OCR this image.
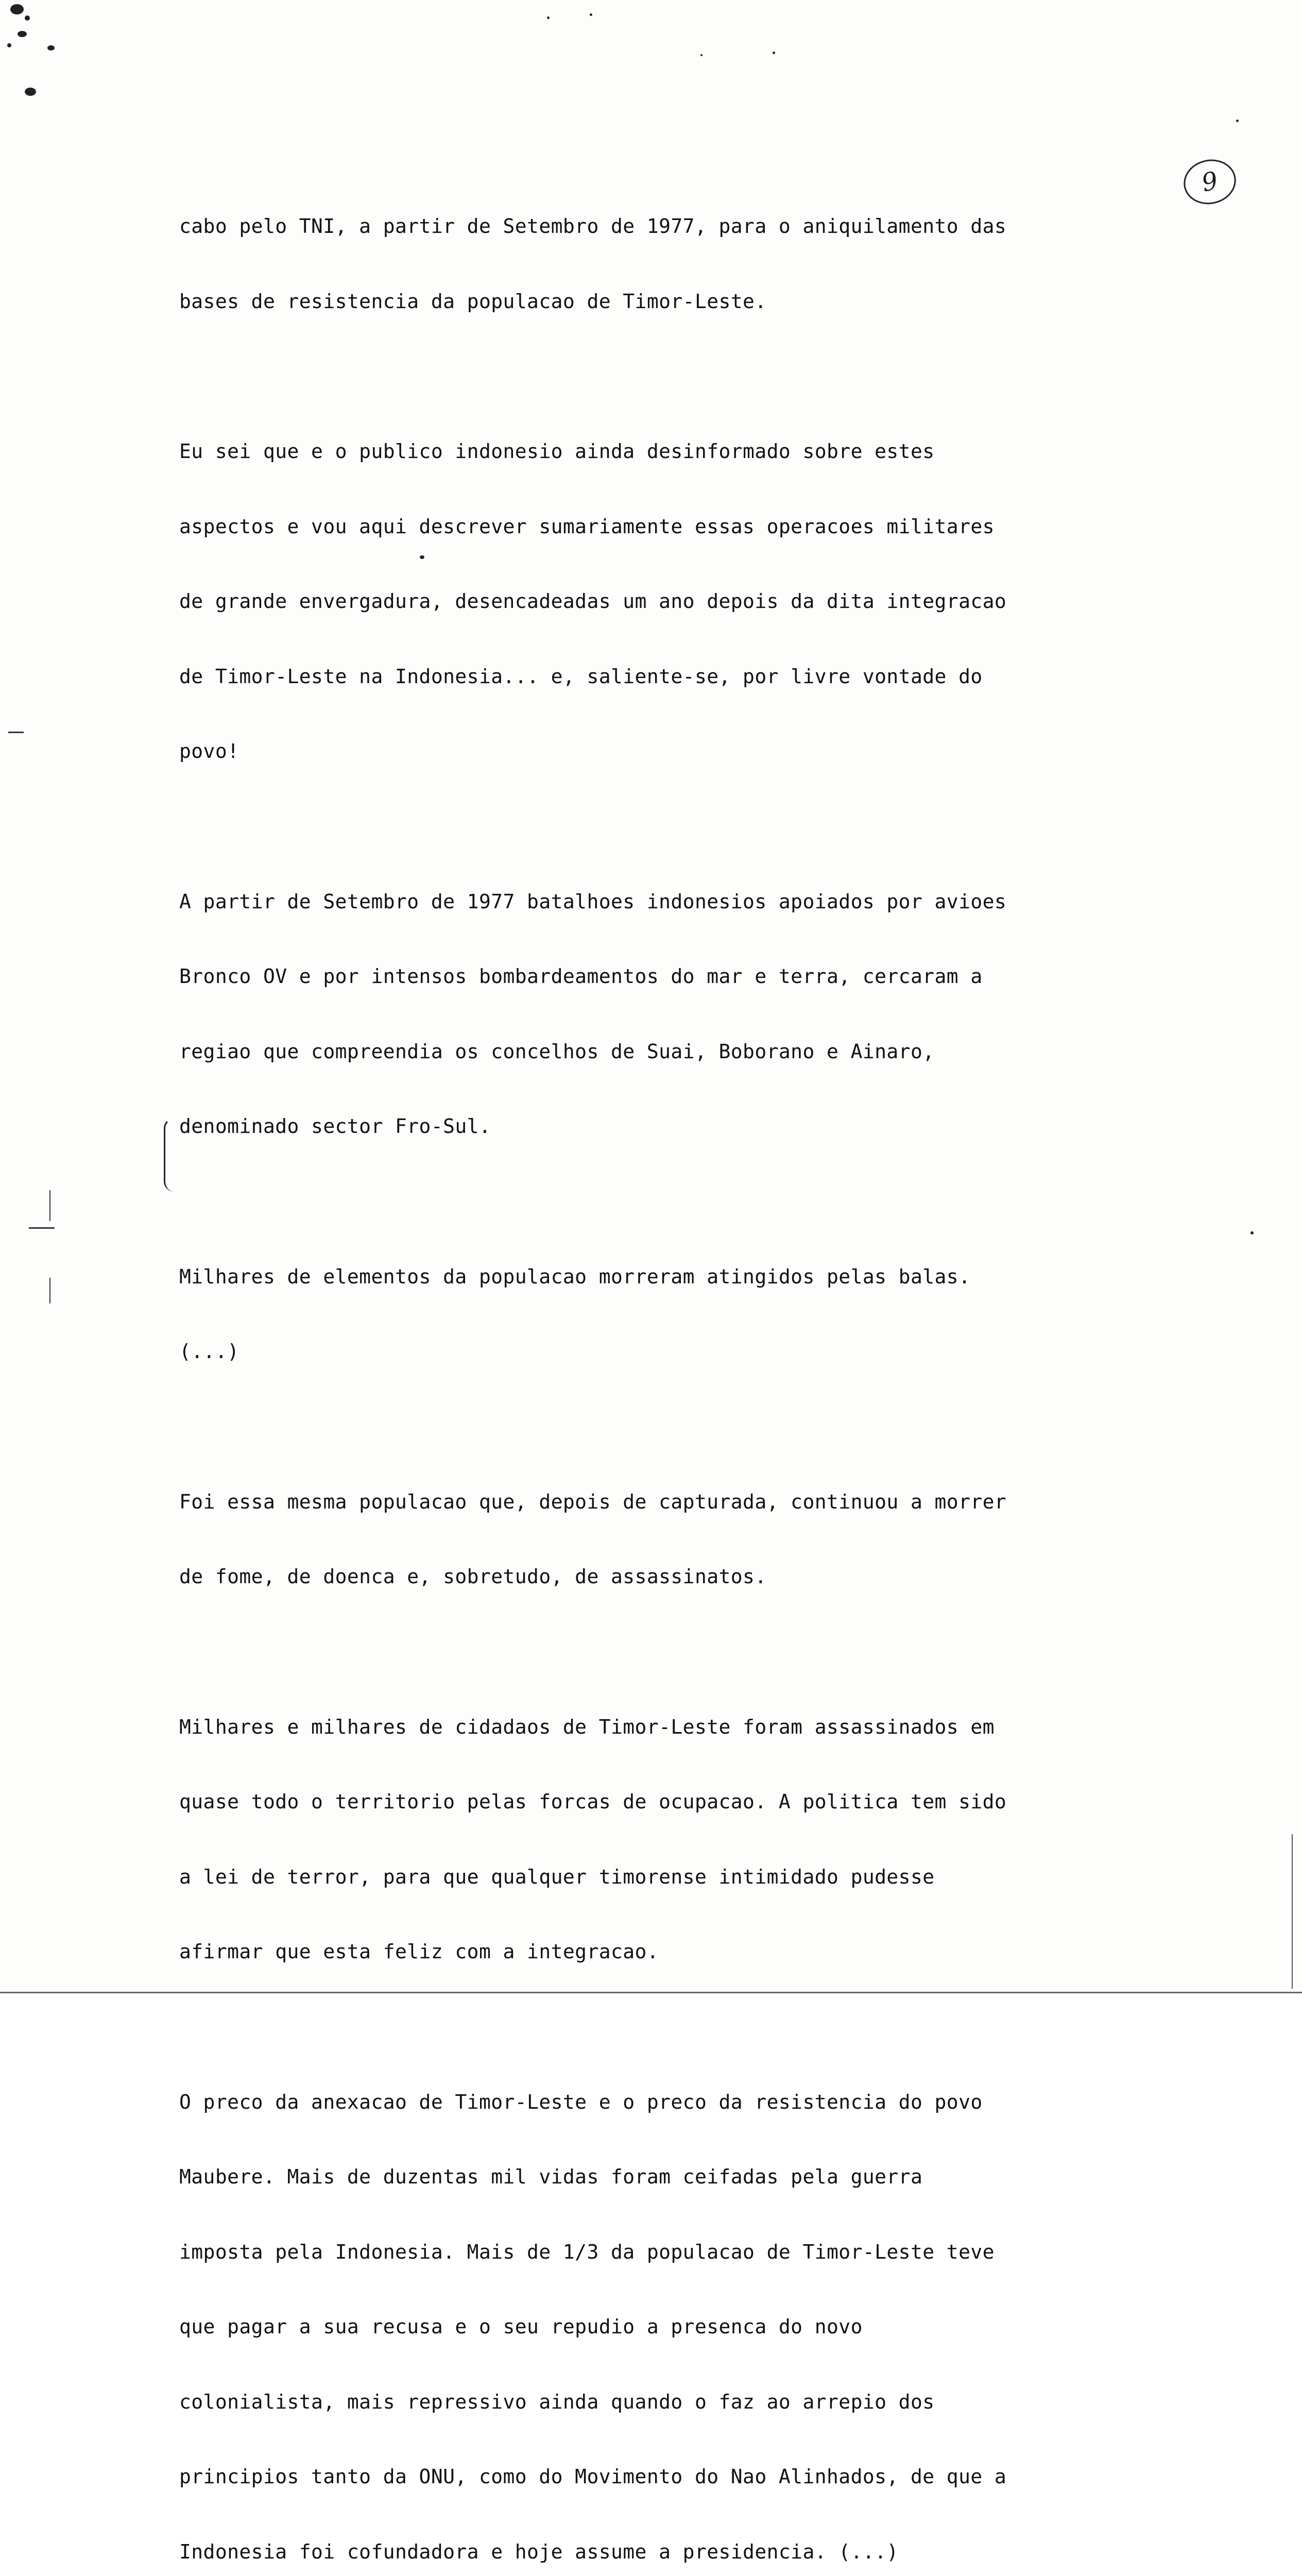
9

cabo pelo TNI, a partir de Setembro de 1977, para o aniquilamento das

bases de resistencia da populacao de Timor-Leste.

Eu sei que e o publico indonesio ainda desinformado sobre estes

aspectos e vou aqui descrever sumariamente essas operacoes militares

de grande envergadura, desencadeadas um ano depois da dita integracao

de Timor-Leste na Indonesia... e, saliente-se, por livre vontade do

povo!

A partir de Setembro de 1977 batalhoes indonesios apoiados por avioes

Bronco OV e por intensos bombardeamentos do mar e terra, cercaram a

regiao que compreendia os concelhos de Suai, Boborano e Ainaro,

denominado sector Fro-Sul.

Milhares de elementos da populacao morreram atingidos pelas balas.

(...)

Foi essa mesma populacao que, depois de capturada, continuou a morrer

de fome, de doenca e, sobretudo, de assassinatos.

Milhares e milhares de cidadaos de Timor-Leste foram assassinados em

quase todo o territorio pelas forcas de ocupacao. A politica tem sido

a lei de terror, para que qualquer timorense intimidado pudesse

afirmar que esta feliz com a integracao.

O preco da anexacao de Timor-Leste e o preco da resistencia do povo

Maubere. Mais de duzentas mil vidas foram ceifadas pela guerra

imposta pela Indonesia. Mais de 1/3 da populacao de Timor-Leste teve

que pagar a sua recusa e o seu repudio a presenca do novo

colonialista, mais repressivo ainda quando o faz ao arrepio dos

principios tanto da ONU, como do Movimento do Nao Alinhados, de que a

Indonesia foi cofundadora e hoje assume a presidencia. (...)
